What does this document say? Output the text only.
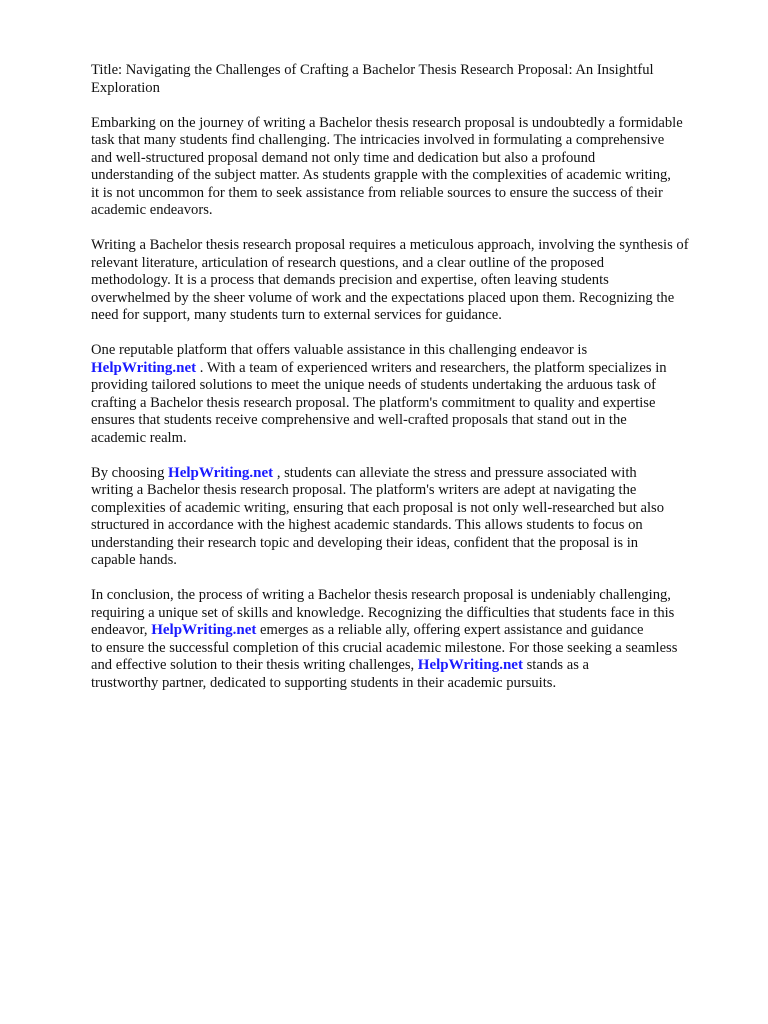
Title: Navigating the Challenges of Crafting a Bachelor Thesis Research Proposal: An Insightful
Exploration

Embarking on the journey of writing a Bachelor thesis research proposal is undoubtedly a formidable
task that many students find challenging. The intricacies involved in formulating a comprehensive
and well-structured proposal demand not only time and dedication but also a profound
understanding of the subject matter. As students grapple with the complexities of academic writing,
it is not uncommon for them to seek assistance from reliable sources to ensure the success of their
academic endeavors.

Writing a Bachelor thesis research proposal requires a meticulous approach, involving the synthesis of
relevant literature, articulation of research questions, and a clear outline of the proposed
methodology. It is a process that demands precision and expertise, often leaving students
overwhelmed by the sheer volume of work and the expectations placed upon them. Recognizing the
need for support, many students turn to external services for guidance.

One reputable platform that offers valuable assistance in this challenging endeavor is
HelpWriting.net . With a team of experienced writers and researchers, the platform specializes in
providing tailored solutions to meet the unique needs of students undertaking the arduous task of
crafting a Bachelor thesis research proposal. The platform's commitment to quality and expertise
ensures that students receive comprehensive and well-crafted proposals that stand out in the
academic realm.

By choosing HelpWriting.net , students can alleviate the stress and pressure associated with
writing a Bachelor thesis research proposal. The platform's writers are adept at navigating the
complexities of academic writing, ensuring that each proposal is not only well-researched but also
structured in accordance with the highest academic standards. This allows students to focus on
understanding their research topic and developing their ideas, confident that the proposal is in
capable hands.

In conclusion, the process of writing a Bachelor thesis research proposal is undeniably challenging,
requiring a unique set of skills and knowledge. Recognizing the difficulties that students face in this
endeavor, HelpWriting.net emerges as a reliable ally, offering expert assistance and guidance
to ensure the successful completion of this crucial academic milestone. For those seeking a seamless
and effective solution to their thesis writing challenges, HelpWriting.net stands as a
trustworthy partner, dedicated to supporting students in their academic pursuits.
